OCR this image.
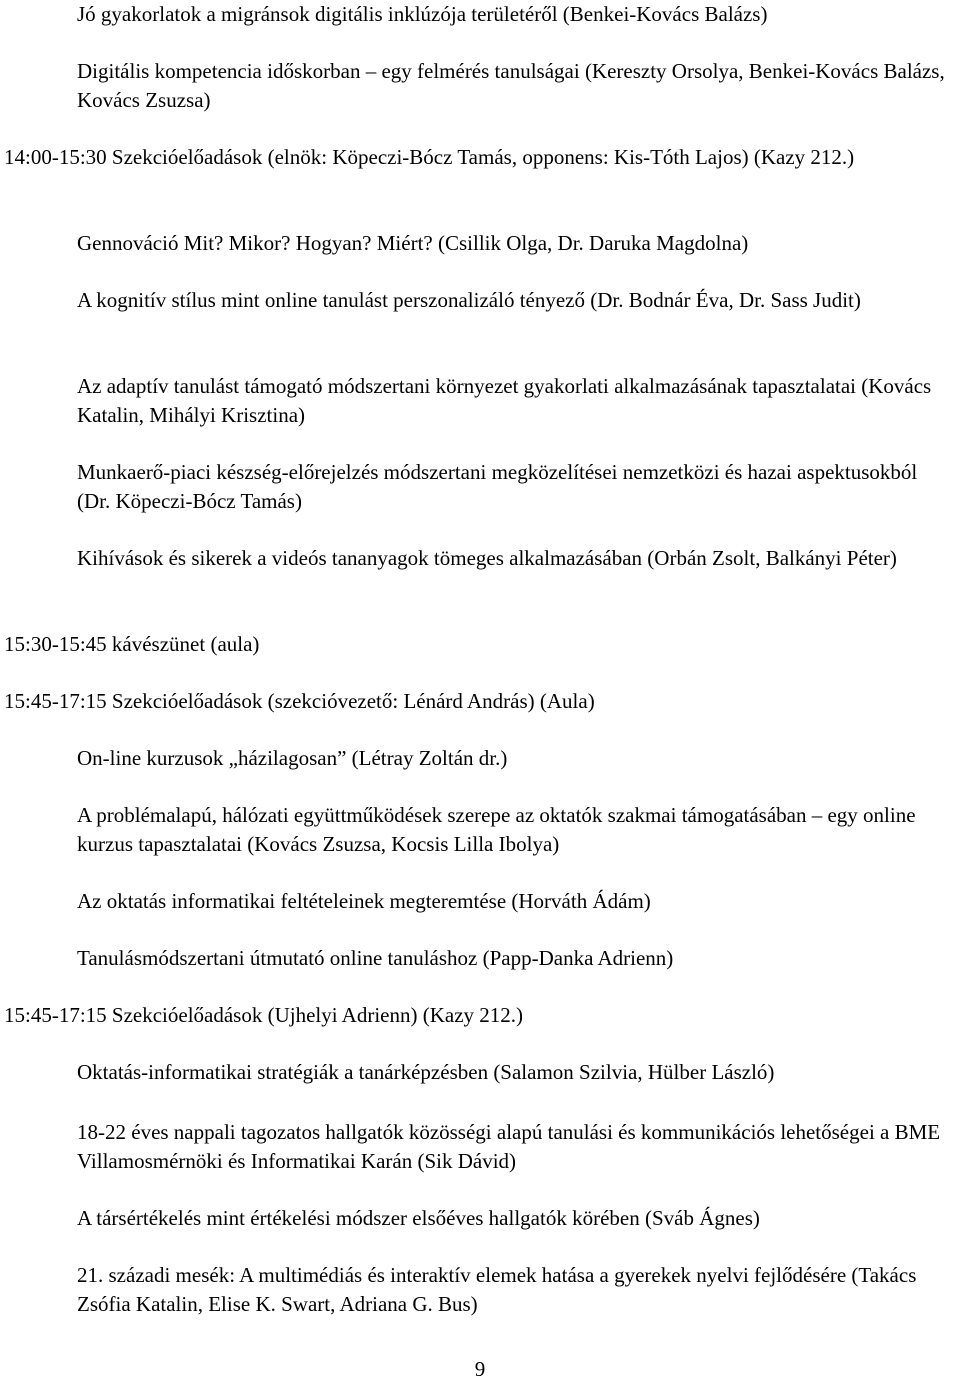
Jó gyakorlatok a migránsok digitális inklúzója területéről (Benkei-Kovács Balázs)

Digitális kompetencia időskorban – egy felmérés tanulságai (Kereszty Orsolya, Benkei-Kovács Balázs, Kovács Zsuzsa)

14:00-15:30 Szekcióelőadások (elnök: Köpeczi-Bócz Tamás, opponens: Kis-Tóth Lajos) (Kazy 212.)

Gennováció Mit? Mikor? Hogyan? Miért? (Csillik Olga, Dr. Daruka Magdolna)

A kognitív stílus mint online tanulást perszonalizáló tényező (Dr. Bodnár Éva, Dr. Sass Judit)

Az adaptív tanulást támogató módszertani környezet gyakorlati alkalmazásának tapasztalatai (Kovács Katalin, Mihályi Krisztina)

Munkaerő-piaci készség-előrejelzés módszertani megközelítései nemzetközi és hazai aspektusokból (Dr. Köpeczi-Bócz Tamás)

Kihívások és sikerek a videós tananyagok tömeges alkalmazásában (Orbán Zsolt, Balkányi Péter)

15:30-15:45 kávészünet (aula)

15:45-17:15 Szekcióelőadások (szekcióvezető: Lénárd András) (Aula)

On-line kurzusok „házilagosan” (Létray Zoltán dr.)

A problémalapú, hálózati együttműködések szerepe az oktatók szakmai támogatásában – egy online kurzus tapasztalatai (Kovács Zsuzsa, Kocsis Lilla Ibolya)

Az oktatás informatikai feltételeinek megteremtése (Horváth Ádám)

Tanulásmódszertani útmutató online tanuláshoz (Papp-Danka Adrienn)

15:45-17:15 Szekcióelőadások (Ujhelyi Adrienn) (Kazy 212.)

Oktatás-informatikai stratégiák a tanárképzésben (Salamon Szilvia, Hülber László)

18-22 éves nappali tagozatos hallgatók közösségi alapú tanulási és kommunikációs lehetőségei a BME Villamosmérnöki és Informatikai Karán (Sik Dávid)

A társértékelés mint értékelési módszer elsőéves hallgatók körében (Sváb Ágnes)

21. századi mesék: A multimédiás és interaktív elemek hatása a gyerekek nyelvi fejlődésére (Takács Zsófia Katalin, Elise K. Swart, Adriana G. Bus)

9
